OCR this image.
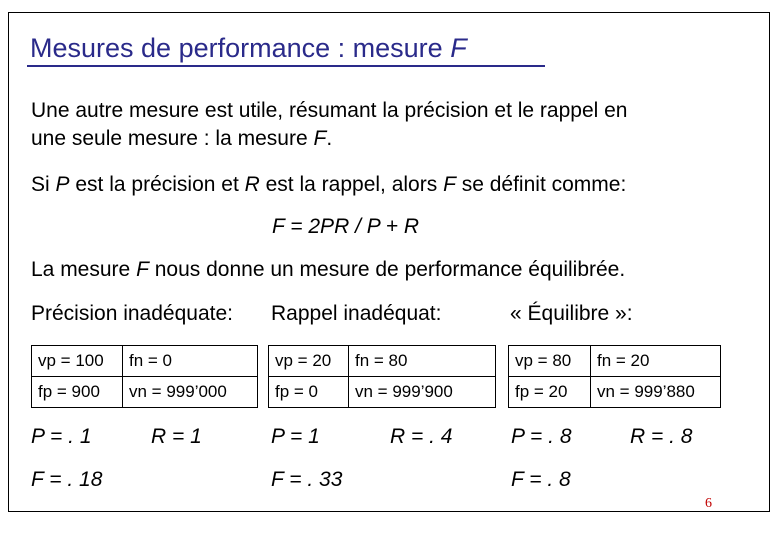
Mesures de performance : mesure F
Une autre mesure est utile, résumant la précision et le rappel en
une seule mesure : la mesure F.
Si P est la précision et R est la rappel, alors F se définit comme:
F = 2PR / P + R
La mesure F nous donne un mesure de performance équilibrée.
Précision inadéquate: Rappel inadéquat:	« Équilibre »:
vp = 100	fn = 0
fp = 900	vn = 999’000
vp = 20	fn = 80
fp = 0	vn = 999’900
vp = 80	fn = 20
fp = 20	vn = 999’880
P = . 1	R = 1
F = . 18
P = 1	R = . 4
F = . 33
P = . 8	R = . 8
F = . 8
6
